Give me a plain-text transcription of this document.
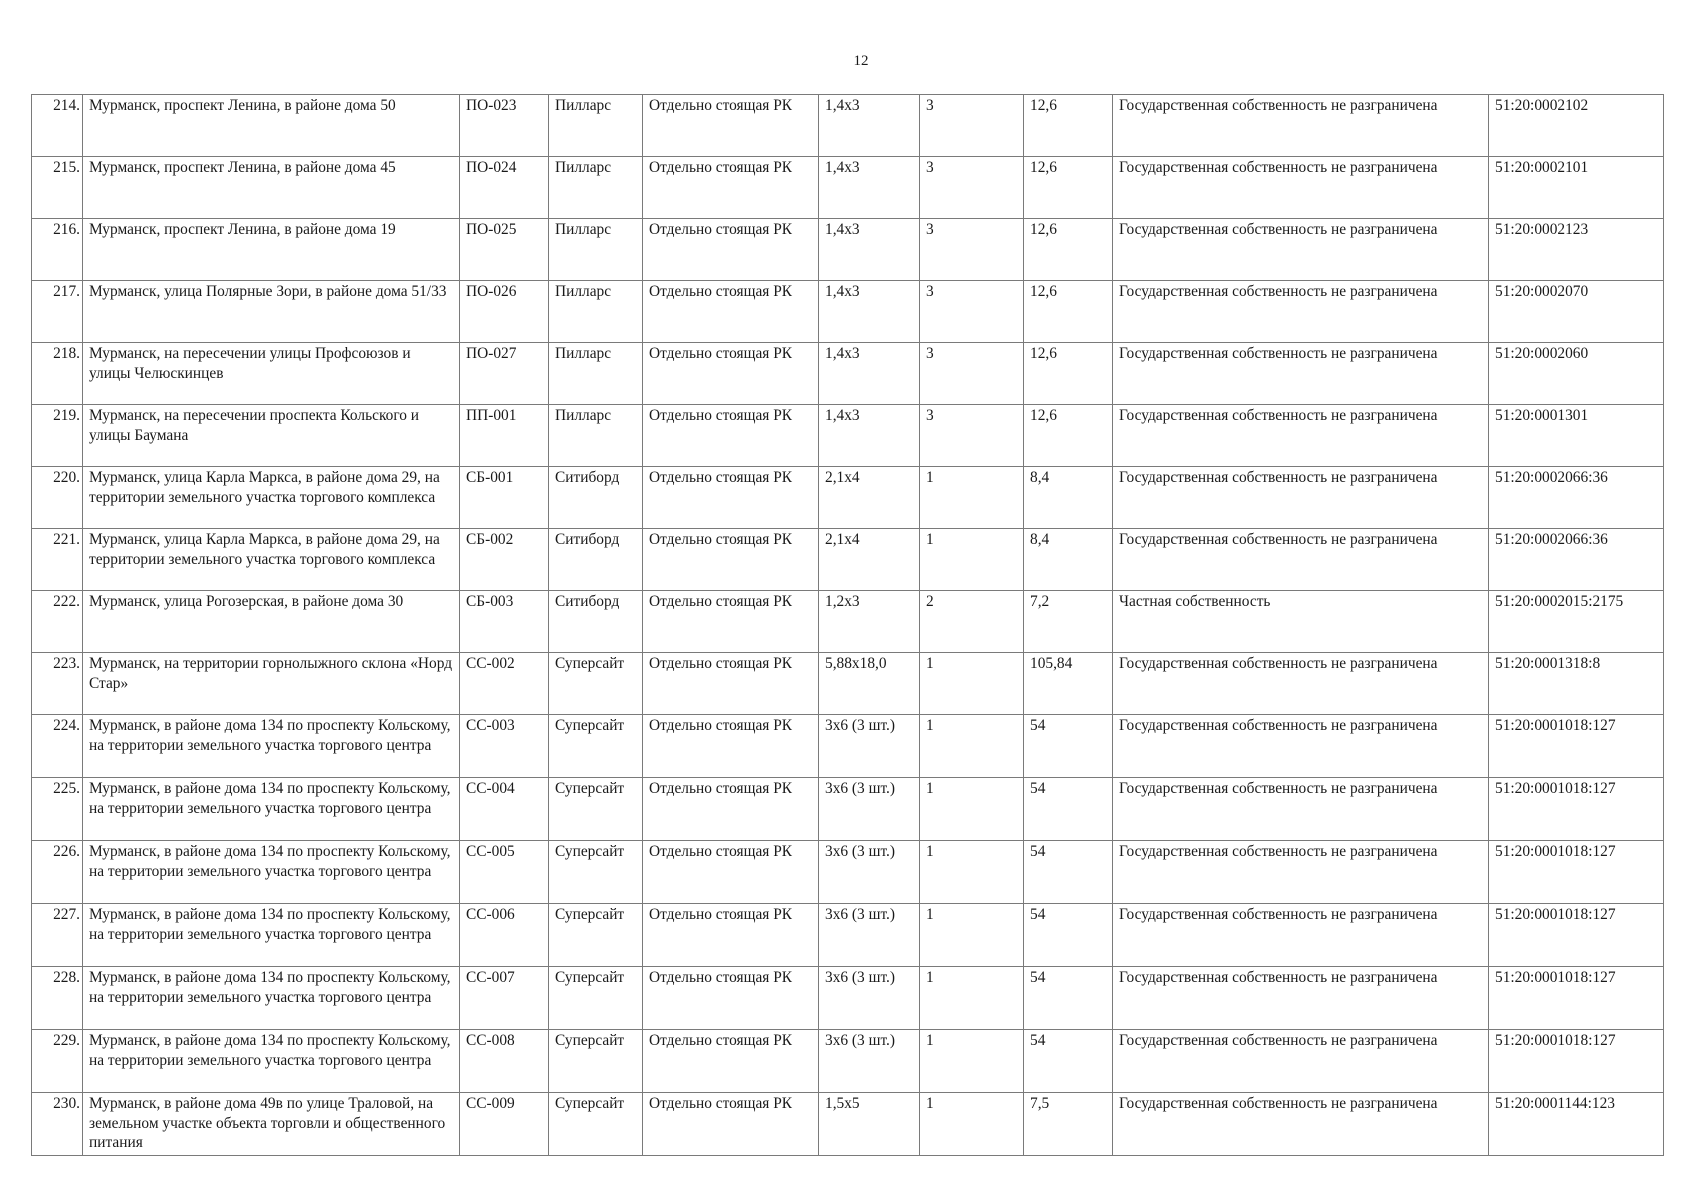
12
214.	Мурманск, проспект Ленина, в районе дома 50	ПО-023	Пилларс	Отдельно стоящая РК	1,4x3	3	12,6	Государственная собственность не разграничена	51:20:0002102
215.	Мурманск, проспект Ленина, в районе дома 45	ПО-024	Пилларс	Отдельно стоящая РК	1,4x3	3	12,6	Государственная собственность не разграничена	51:20:0002101
216.	Мурманск, проспект Ленина, в районе дома 19	ПО-025	Пилларс	Отдельно стоящая РК	1,4x3	3	12,6	Государственная собственность не разграничена	51:20:0002123
217.	Мурманск, улица Полярные Зори, в районе дома 51/33	ПО-026	Пилларс	Отдельно стоящая РК	1,4x3	3	12,6	Государственная собственность не разграничена	51:20:0002070
218.	Мурманск, на пересечении улицы Профсоюзов и улицы Челюскинцев	ПО-027	Пилларс	Отдельно стоящая РК	1,4x3	3	12,6	Государственная собственность не разграничена	51:20:0002060
219.	Мурманск, на пересечении проспекта Кольского и улицы Баумана	ПП-001	Пилларс	Отдельно стоящая РК	1,4x3	3	12,6	Государственная собственность не разграничена	51:20:0001301
220.	Мурманск, улица Карла Маркса, в районе дома 29, на территории земельного участка торгового комплекса	СБ-001	Ситиборд	Отдельно стоящая РК	2,1x4	1	8,4	Государственная собственность не разграничена	51:20:0002066:36
221.	Мурманск, улица Карла Маркса, в районе дома 29, на территории земельного участка торгового комплекса	СБ-002	Ситиборд	Отдельно стоящая РК	2,1x4	1	8,4	Государственная собственность не разграничена	51:20:0002066:36
222.	Мурманск, улица Рогозерская, в районе дома 30	СБ-003	Ситиборд	Отдельно стоящая РК	1,2x3	2	7,2	Частная собственность	51:20:0002015:2175
223.	Мурманск, на территории горнолыжного склона «Норд Стар»	СС-002	Суперсайт	Отдельно стоящая РК	5,88x18,0	1	105,84	Государственная собственность не разграничена	51:20:0001318:8
224.	Мурманск, в районе дома 134 по проспекту Кольскому, на территории земельного участка торгового центра	СС-003	Суперсайт	Отдельно стоящая РК	3x6 (3 шт.)	1	54	Государственная собственность не разграничена	51:20:0001018:127
225.	Мурманск, в районе дома 134 по проспекту Кольскому, на территории земельного участка торгового центра	СС-004	Суперсайт	Отдельно стоящая РК	3x6 (3 шт.)	1	54	Государственная собственность не разграничена	51:20:0001018:127
226.	Мурманск, в районе дома 134 по проспекту Кольскому, на территории земельного участка торгового центра	СС-005	Суперсайт	Отдельно стоящая РК	3x6 (3 шт.)	1	54	Государственная собственность не разграничена	51:20:0001018:127
227.	Мурманск, в районе дома 134 по проспекту Кольскому, на территории земельного участка торгового центра	СС-006	Суперсайт	Отдельно стоящая РК	3x6 (3 шт.)	1	54	Государственная собственность не разграничена	51:20:0001018:127
228.	Мурманск, в районе дома 134 по проспекту Кольскому, на территории земельного участка торгового центра	СС-007	Суперсайт	Отдельно стоящая РК	3x6 (3 шт.)	1	54	Государственная собственность не разграничена	51:20:0001018:127
229.	Мурманск, в районе дома 134 по проспекту Кольскому, на территории земельного участка торгового центра	СС-008	Суперсайт	Отдельно стоящая РК	3x6 (3 шт.)	1	54	Государственная собственность не разграничена	51:20:0001018:127
230.	Мурманск, в районе дома 49в по улице Траловой, на земельном участке объекта торговли и общественного питания	СС-009	Суперсайт	Отдельно стоящая РК	1,5x5	1	7,5	Государственная собственность не разграничена	51:20:0001144:123
